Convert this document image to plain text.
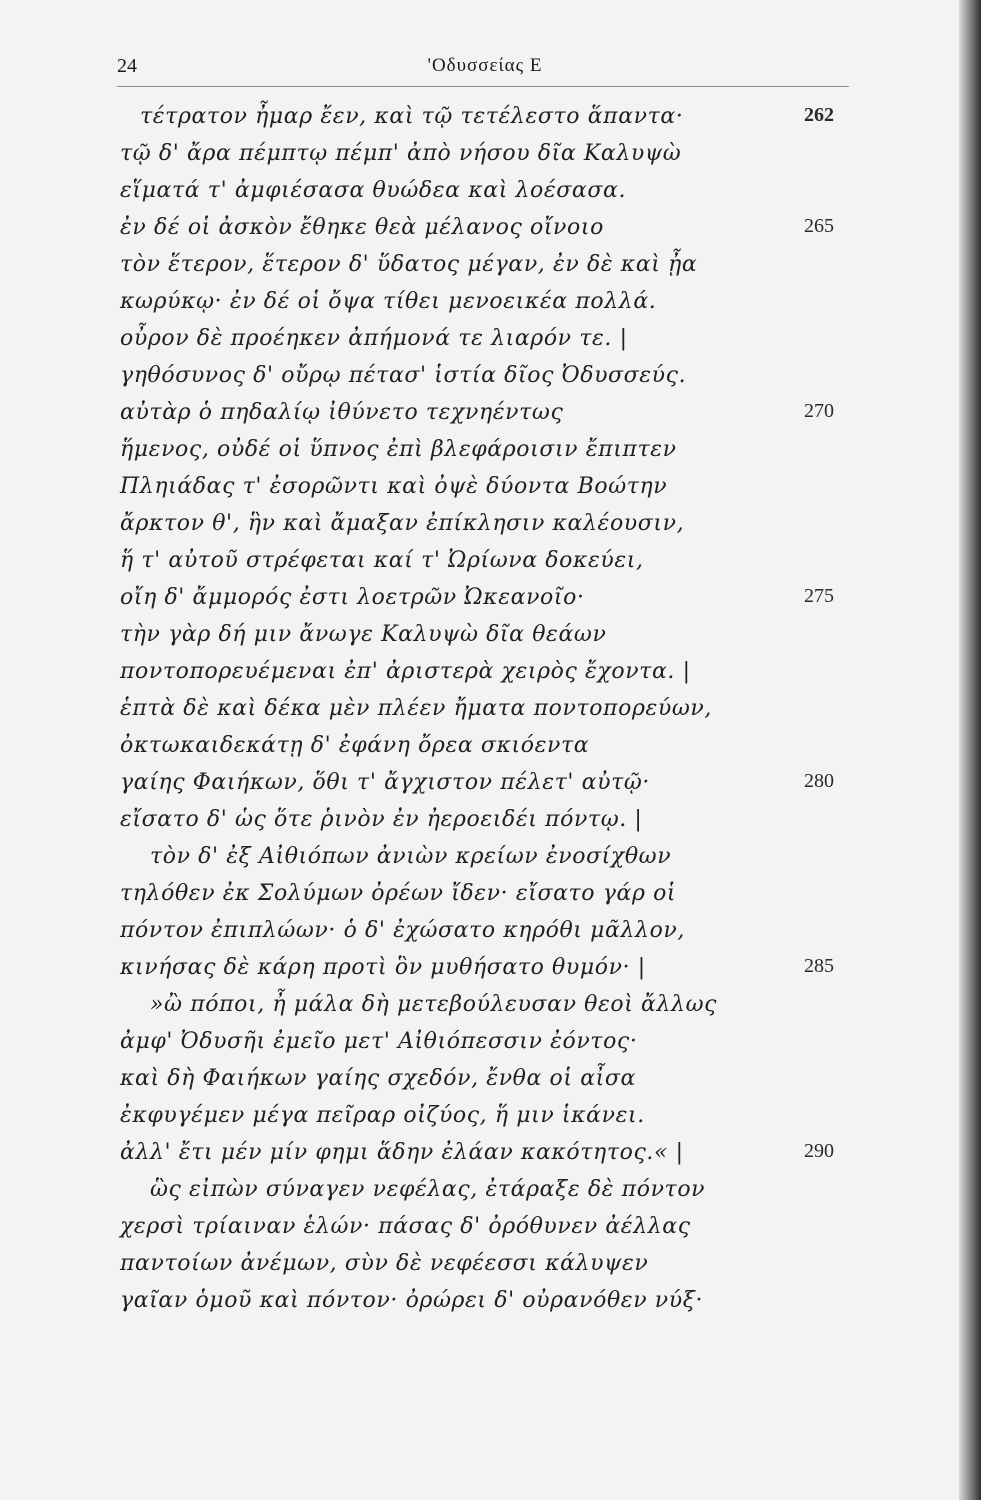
24	'Οδυσσείας Ε
τέτρατον ἦμαρ ἔεν, καὶ τῷ τετέλεστο ἅπαντα·
τῷ δ' ἄρα πέμπτῳ πέμπ' ἀπὸ νήσου δῖα Καλυψὼ
εἵματά τ' ἀμφιέσασα θυώδεα καὶ λοέσασα.
ἐν δέ οἱ ἀσκὸν ἔθηκε θεὰ μέλανος οἴνοιο
τὸν ἕτερον, ἕτερον δ' ὕδατος μέγαν, ἐν δὲ καὶ ᾖα
κωρύκῳ· ἐν δέ οἱ ὄψα τίθει μενοεικέα πολλά.
οὖρον δὲ προέηκεν ἀπήμονά τε λιαρόν τε. |
γηθόσυνος δ' οὔρῳ πέτασ' ἱστία δῖος Ὀδυσσεύς.
αὐτὰρ ὁ πηδαλίῳ ἰθύνετο τεχνηέντως
ἥμενος, οὐδέ οἱ ὕπνος ἐπὶ βλεφάροισιν ἔπιπτεν
Πληιάδας τ' ἐσορῶντι καὶ ὀψὲ δύοντα Βοώτην
ἄρκτον θ', ἣν καὶ ἄμαξαν ἐπίκλησιν καλέουσιν,
ἥ τ' αὐτοῦ στρέφεται καί τ' Ὠρίωνα δοκεύει,
οἴη δ' ἄμμορός ἐστι λοετρῶν Ὠκεανοῖο·
τὴν γὰρ δή μιν ἄνωγε Καλυψὼ δῖα θεάων
ποντοπορευέμεναι ἐπ' ἀριστερὰ χειρὸς ἔχοντα. |
ἑπτὰ δὲ καὶ δέκα μὲν πλέεν ἤματα ποντοπορεύων,
ὀκτωκαιδεκάτῃ δ' ἐφάνη ὄρεα σκιόεντα
γαίης Φαιήκων, ὅθι τ' ἄγχιστον πέλετ' αὐτῷ·
εἴσατο δ' ὡς ὅτε ῥινὸν ἐν ἠεροειδέι πόντῳ. |
τὸν δ' ἐξ Αἰθιόπων ἀνιὼν κρείων ἐνοσίχθων
τηλόθεν ἐκ Σολύμων ὀρέων ἴδεν· εἴσατο γάρ οἱ
πόντον ἐπιπλώων· ὁ δ' ἐχώσατο κηρόθι μᾶλλον,
κινήσας δὲ κάρη προτὶ ὃν μυθήσατο θυμόν· |
»ὢ πόποι, ἦ μάλα δὴ μετεβούλευσαν θεοὶ ἄλλως
ἀμφ' Ὀδυσῆι ἐμεῖο μετ' Αἰθιόπεσσιν ἐόντος·
καὶ δὴ Φαιήκων γαίης σχεδόν, ἔνθα οἱ αἶσα
ἐκφυγέμεν μέγα πεῖραρ οἰζύος, ἥ μιν ἱκάνει.
ἀλλ' ἔτι μέν μίν φημι ἅδην ἐλάαν κακότητος.« |
ὣς εἰπὼν σύναγεν νεφέλας, ἐτάραξε δὲ πόντον
χερσὶ τρίαιναν ἑλών· πάσας δ' ὀρόθυνεν ἀέλλας
παντοίων ἀνέμων, σὺν δὲ νεφέεσσι κάλυψεν
γαῖαν ὁμοῦ καὶ πόντον· ὀρώρει δ' οὐρανόθεν νύξ·
262
265
270
275
280
285
290
